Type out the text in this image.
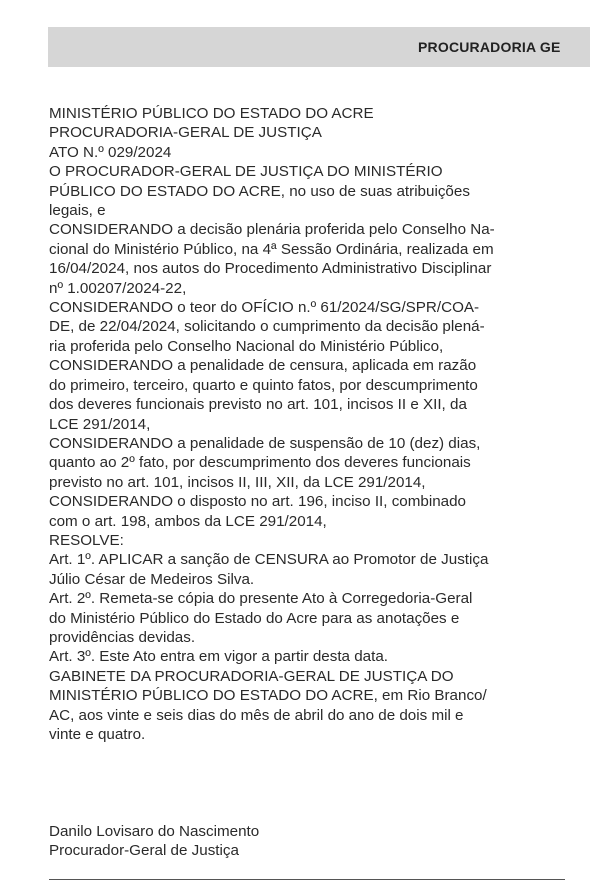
PROCURADORIA GE
MINISTÉRIO PÚBLICO DO ESTADO DO ACRE
PROCURADORIA-GERAL DE JUSTIÇA
ATO N.º 029/2024
O PROCURADOR-GERAL DE JUSTIÇA DO MINISTÉRIO
PÚBLICO DO ESTADO DO ACRE, no uso de suas atribuições
legais, e
CONSIDERANDO a decisão plenária proferida pelo Conselho Na-
cional do Ministério Público, na 4ª Sessão Ordinária, realizada em
16/04/2024, nos autos do Procedimento Administrativo Disciplinar
nº 1.00207/2024-22,
CONSIDERANDO o teor do OFÍCIO n.º 61/2024/SG/SPR/COA-
DE, de 22/04/2024, solicitando o cumprimento da decisão plená-
ria proferida pelo Conselho Nacional do Ministério Público,
CONSIDERANDO a penalidade de censura, aplicada em razão
do primeiro, terceiro, quarto e quinto fatos, por descumprimento
dos deveres funcionais previsto no art. 101, incisos II e XII, da
LCE 291/2014,
CONSIDERANDO a penalidade de suspensão de 10 (dez) dias,
quanto ao 2º fato, por descumprimento dos deveres funcionais
previsto no art. 101, incisos II, III, XII, da LCE 291/2014,
CONSIDERANDO o disposto no art. 196, inciso II, combinado
com o art. 198, ambos da LCE 291/2014,
RESOLVE:
Art. 1º. APLICAR a sanção de CENSURA ao Promotor de Justiça
Júlio César de Medeiros Silva.
Art. 2º. Remeta-se cópia do presente Ato à Corregedoria-Geral
do Ministério Público do Estado do Acre para as anotações e
providências devidas.
Art. 3º. Este Ato entra em vigor a partir desta data.
GABINETE DA PROCURADORIA-GERAL DE JUSTIÇA DO
MINISTÉRIO PÚBLICO DO ESTADO DO ACRE, em Rio Branco/
AC, aos vinte e seis dias do mês de abril do ano de dois mil e
vinte e quatro.
Danilo Lovisaro do Nascimento
Procurador-Geral de Justiça
